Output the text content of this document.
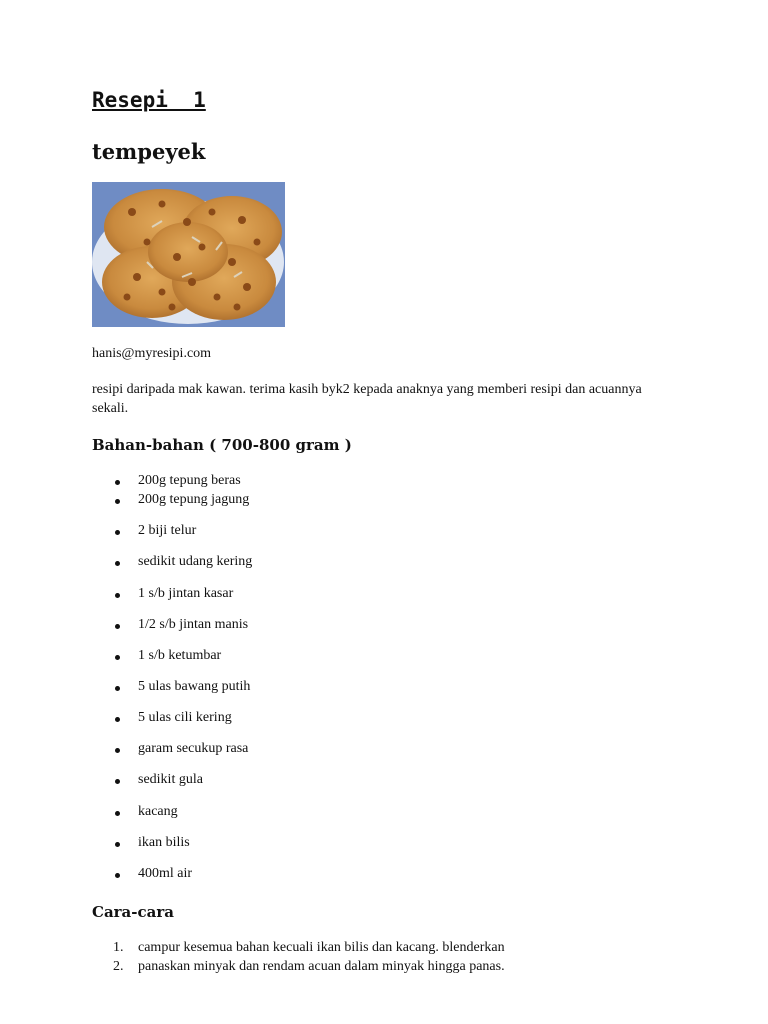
Resepi  1
tempeyek

hanis@myresipi.com

resipi daripada mak kawan. terima kasih byk2 kepada anaknya yang memberi resipi dan acuannya sekali.

Bahan-bahan ( 700-800 gram )

200g tepung beras

200g tepung jagung

2 biji telur

sedikit udang kering

1 s/b jintan kasar

1/2 s/b jintan manis

1 s/b ketumbar

5 ulas bawang putih

5 ulas cili kering

garam secukup rasa

sedikit gula

kacang

ikan bilis

400ml air

Cara-cara
1. campur kesemua bahan kecuali ikan bilis dan kacang. blenderkan
2. panaskan minyak dan rendam acuan dalam minyak hingga panas.
